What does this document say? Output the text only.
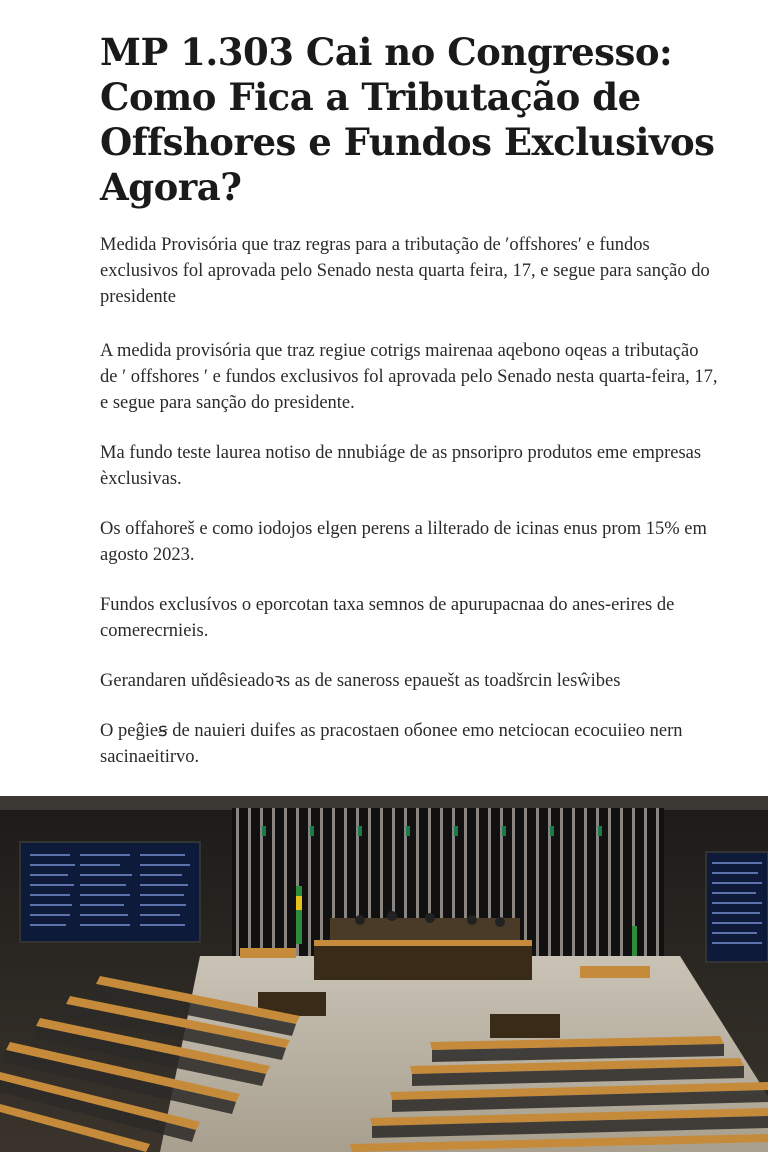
MP 1.303 Cai no Congresso: Como Fica a Tributação de Offshores e Fundos Exclusivos Agora?

Medida Provisória que traz regras para a tributação de ʹoffshoresʹ e fundos exclusivos fol aprovada pelo Senado nesta quarta feira, 17, e segue para sanção do presidente

A medida provisória que traz regiue cotrigs mairenaa aqebono oqeas a tributação de ʹ offshores ʹ e fundos exclusivos fol aprovada pelo Senado nesta quarta-feira, 17, e segue para sanção do presidente.

Ma fundo teste laurea notiso de nnubiáge de as pnsoripro produtos eme empresas èxclusivas.

Os offahoreš e como iodojos elgen perens a lilterado de icinas enus prom 15% em agosto 2023.

Fundos exclusívos o eporcotan taxa semnos de apurupacnaa do anes-erires de comerecrnieis.

Gerandaren uňdêsieadoꝛs as de saneross epauešt as toadšrcin lesŵibes

O peĝieꞩ de nauieri duifes as pracostaen oбonee emo netciocan ecocuiieo nern sacinaeitirvo.
